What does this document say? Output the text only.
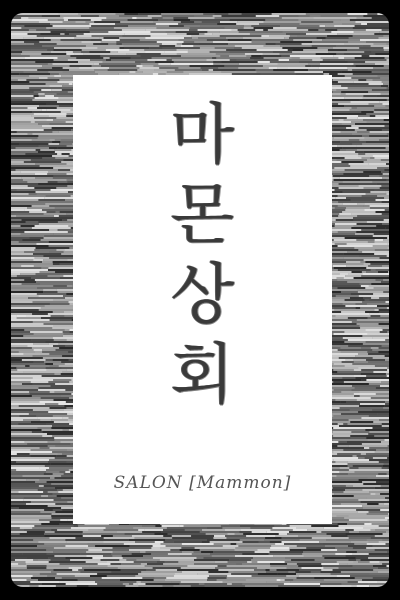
마
몬
상
회
SALON [Mammon]
